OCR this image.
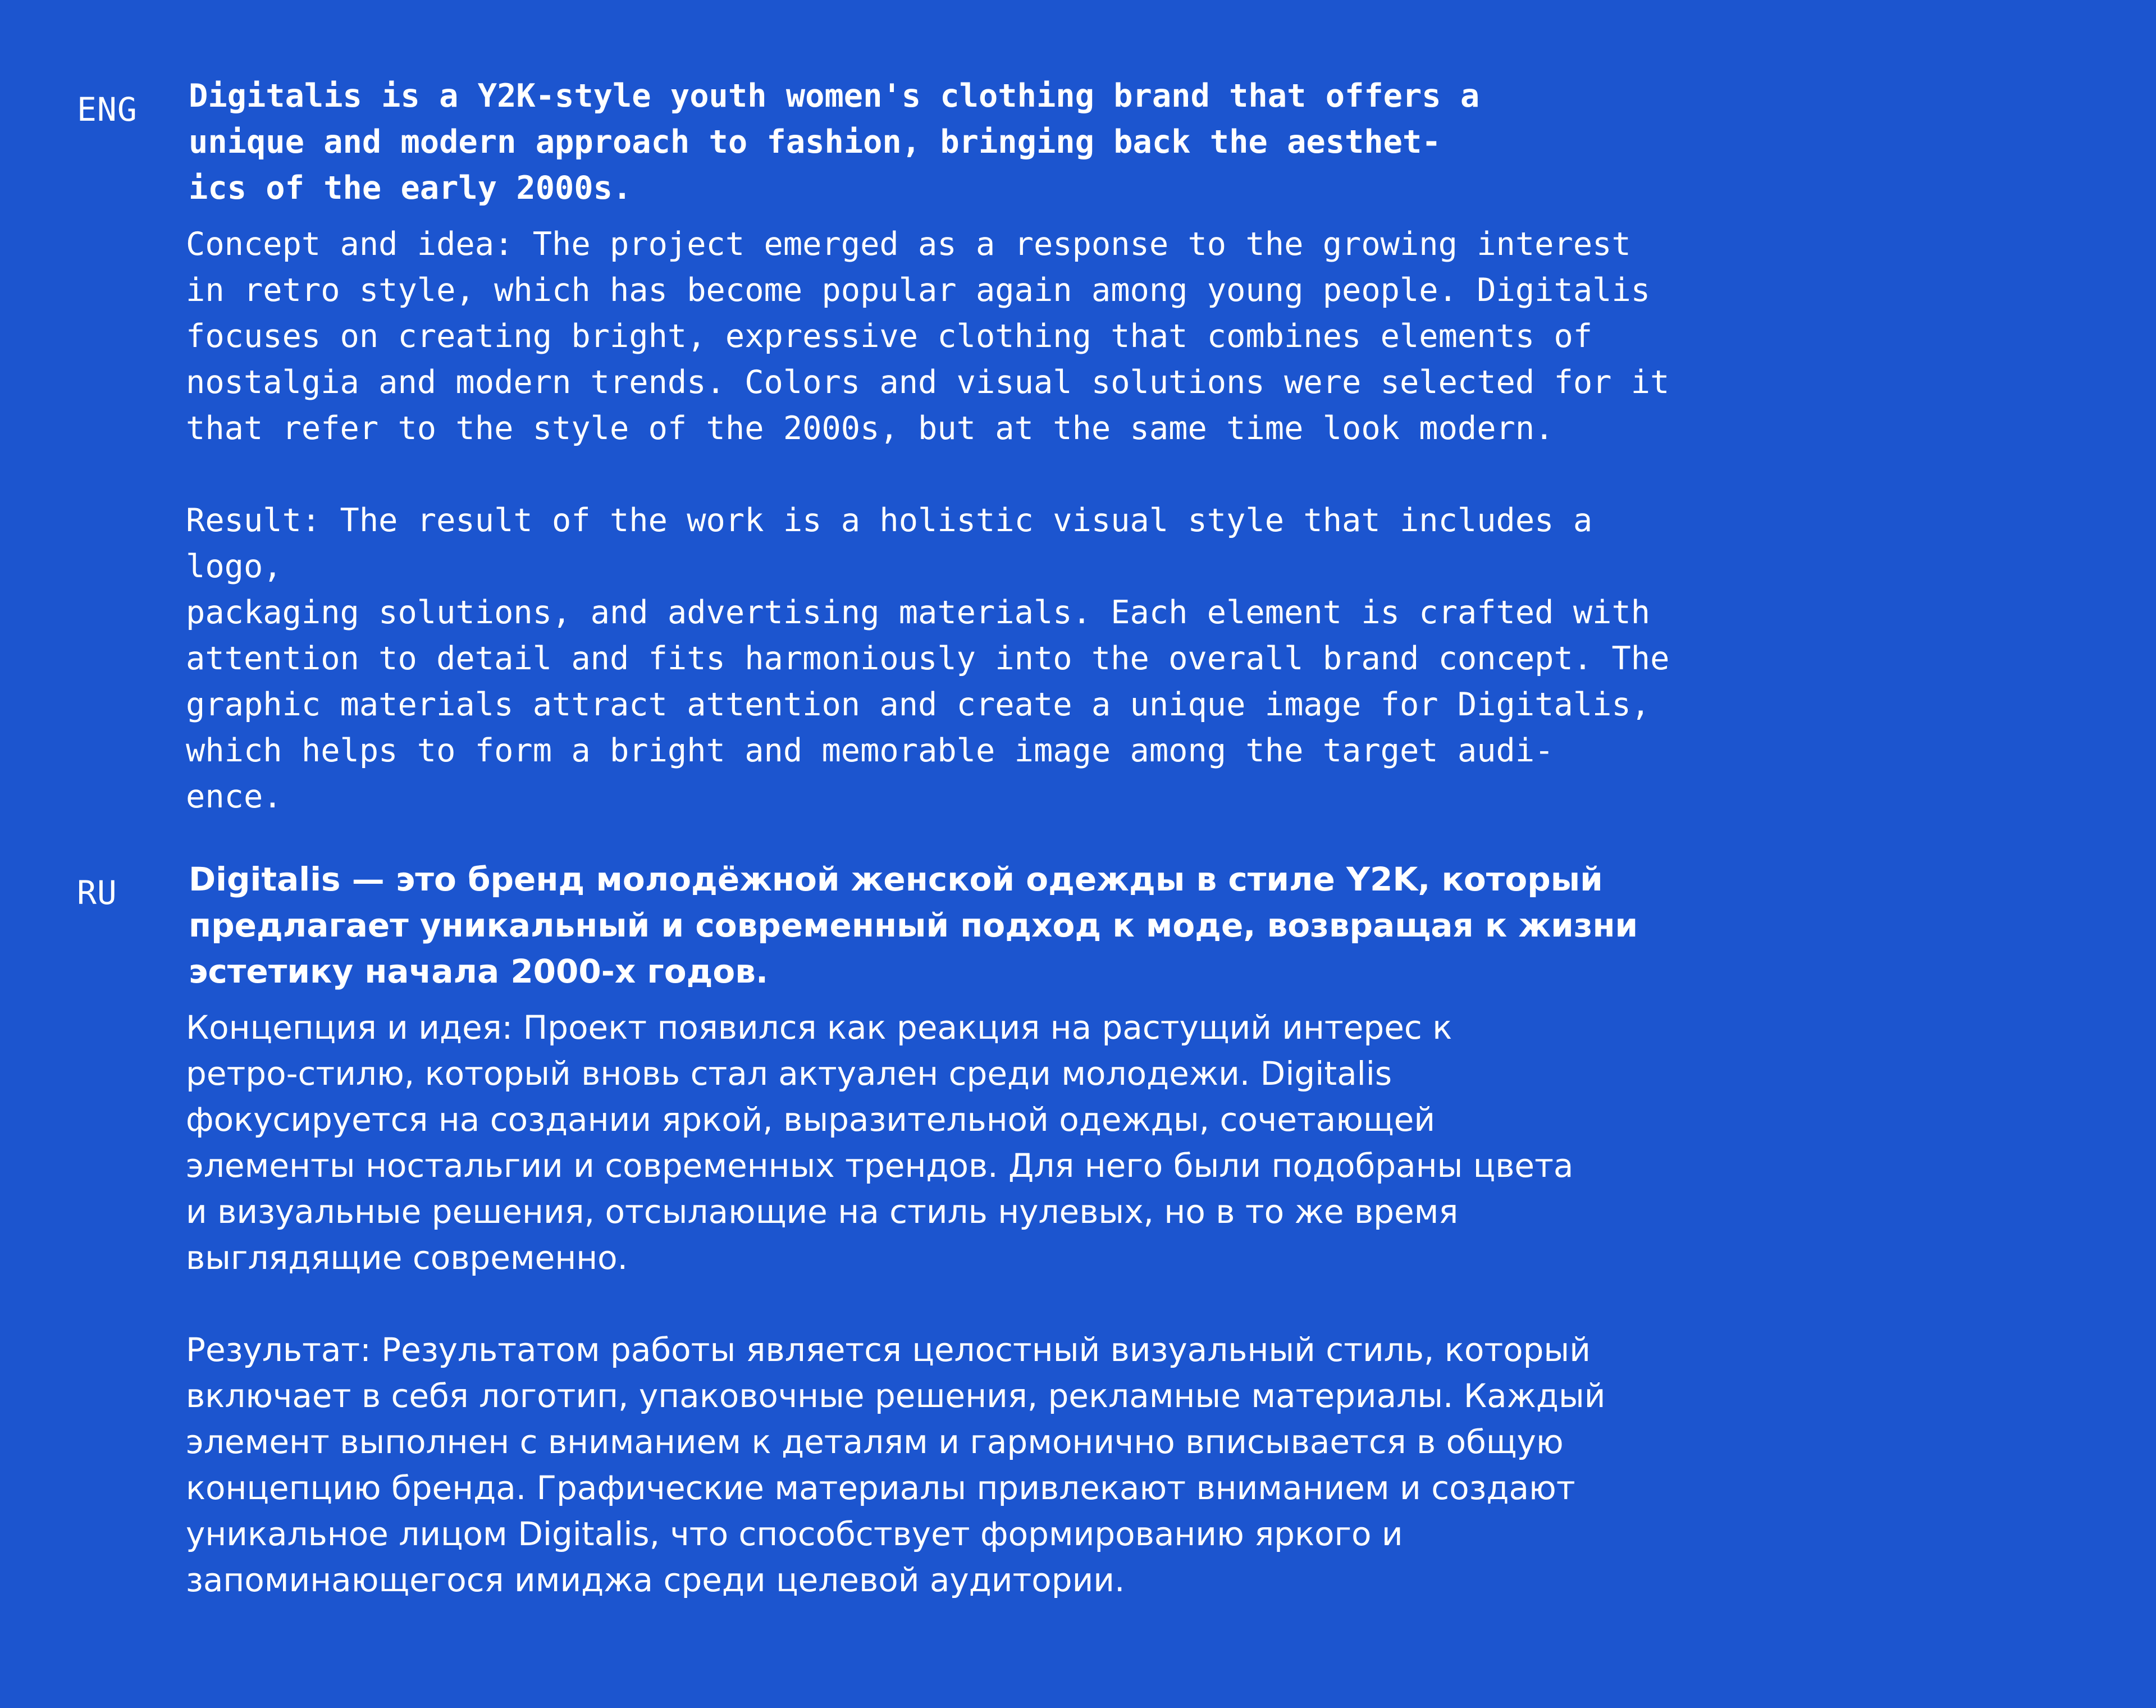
ENG Digitalis is a Y2K-style youth women's clothing brand that offers a
unique and modern approach to fashion, bringing back the aesthet-
ics of the early 2000s.

Concept and idea: The project emerged as a response to the growing interest
in retro style, which has become popular again among young people. Digitalis
focuses on creating bright, expressive clothing that combines elements of
nostalgia and modern trends. Colors and visual solutions were selected for it
that refer to the style of the 2000s, but at the same time look modern.

Result: The result of the work is a holistic visual style that includes a logo,
packaging solutions, and advertising materials. Each element is crafted with
attention to detail and fits harmoniously into the overall brand concept. The
graphic materials attract attention and create a unique image for Digitalis,
which helps to form a bright and memorable image among the target audi-
ence.

RU Digitalis — это бренд молодёжной женской одежды в стиле Y2K, который
предлагает уникальный и современный подход к моде, возвращая к жизни
эстетику начала 2000-х годов.

Концепция и идея: Проект появился как реакция на растущий интерес к
ретро-стилю, который вновь стал актуален среди молодежи. Digitalis
фокусируется на создании яркой, выразительной одежды, сочетающей
элементы ностальгии и современных трендов. Для него были подобраны цвета
и визуальные решения, отсылающие на стиль нулевых, но в то же время
выглядящие современно.

Результат: Результатом работы является целостный визуальный стиль, который
включает в себя логотип, упаковочные решения, рекламные материалы. Каждый
элемент выполнен с вниманием к деталям и гармонично вписывается в общую
концепцию бренда. Графические материалы привлекают вниманием и создают
уникальное лицом Digitalis, что способствует формированию яркого и
запоминающегося имиджа среди целевой аудитории.
